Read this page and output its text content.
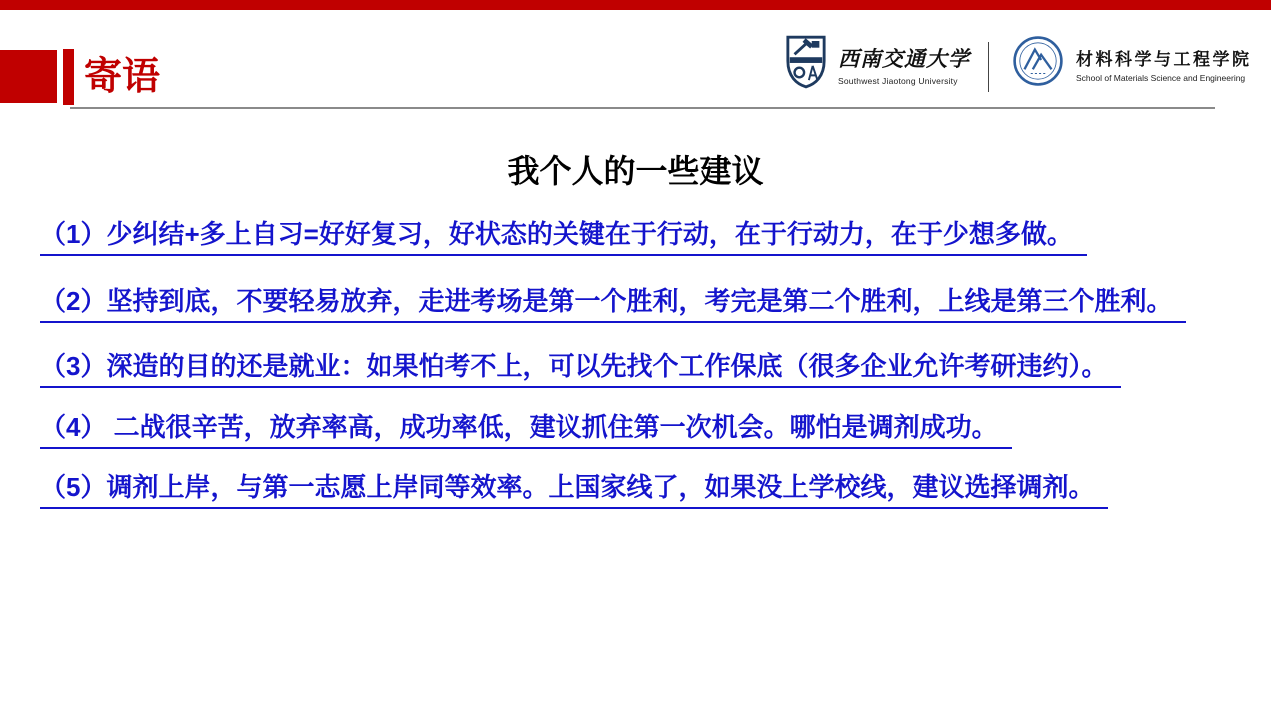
寄语	西南交通大学
Southwest Jiaotong University
材料科学与工程学院
School of Materials Science and Engineering
我个人的一些建议

（1）少纠结+多上自习=好好复习，好状态的关键在于行动，在于行动力，在于少想多做。

（2）坚持到底，不要轻易放弃，走进考场是第一个胜利，考完是第二个胜利，上线是第三个胜利。

（3）深造的目的还是就业：如果怕考不上，可以先找个工作保底（很多企业允许考研违约）。

（4） 二战很辛苦，放弃率高，成功率低，建议抓住第一次机会。哪怕是调剂成功。

（5）调剂上岸，与第一志愿上岸同等效率。上国家线了，如果没上学校线，建议选择调剂。
